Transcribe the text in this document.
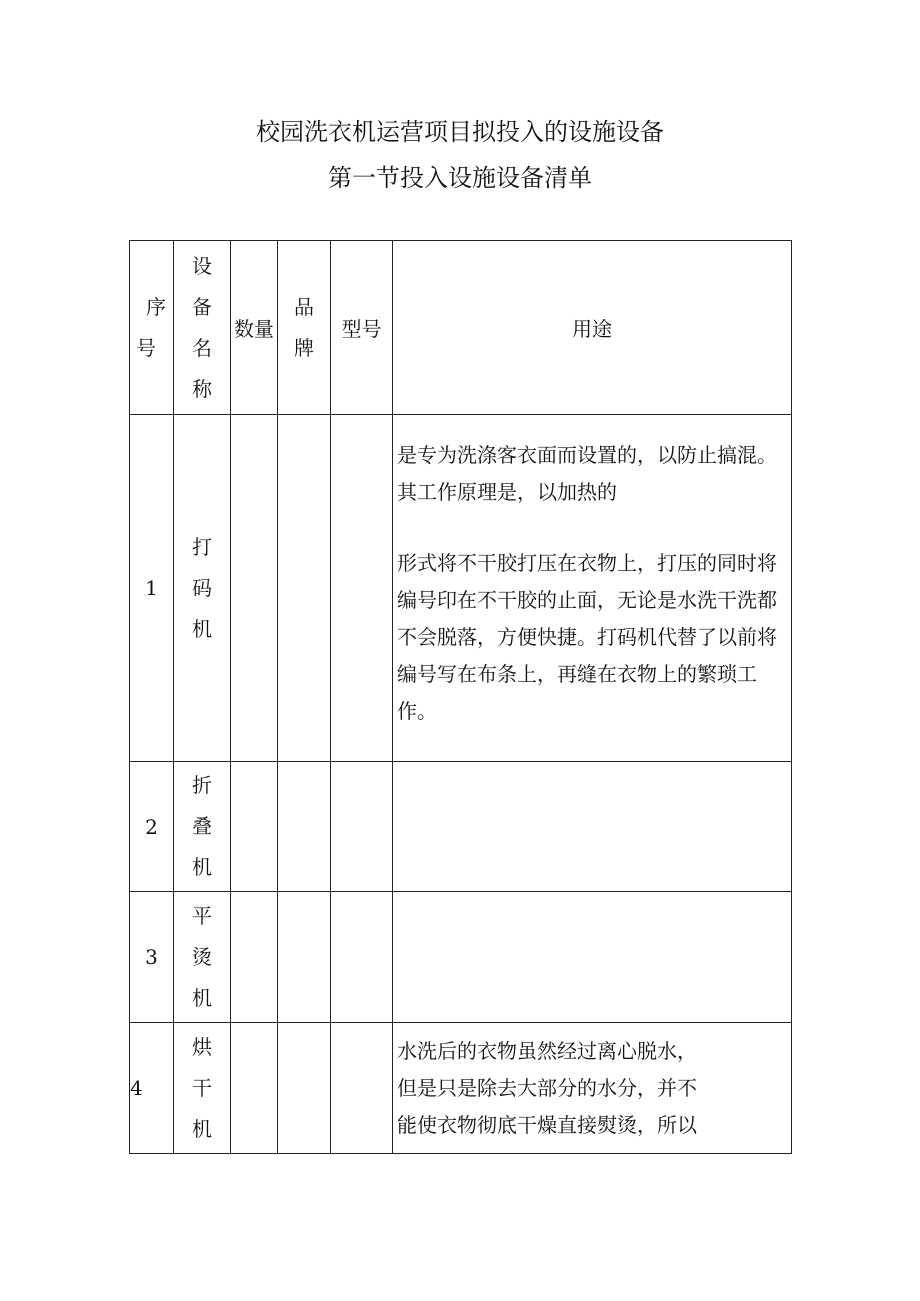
校园洗衣机运营项目拟投入的设施设备
第一节投入设施设备清单
序
号	设备名称	数量	品牌	型号	用途
1	打码机				是专为洗涤客衣面而设置的，以防止搞混。其工作原理是，以加热的

形式将不干胶打压在衣物上，打压的同时将编号印在不干胶的止面，无论是水洗干洗都不会脱落，方便快捷。打码机代替了以前将编号写在布条上，再缝在衣物上的繁琐工作。

2	折叠机				

3	平烫机				

4	烘干机				水洗后的衣物虽然经过离心脱水，

但是只是除去大部分的水分，并不

能使衣物彻底干燥直接熨烫，所以
